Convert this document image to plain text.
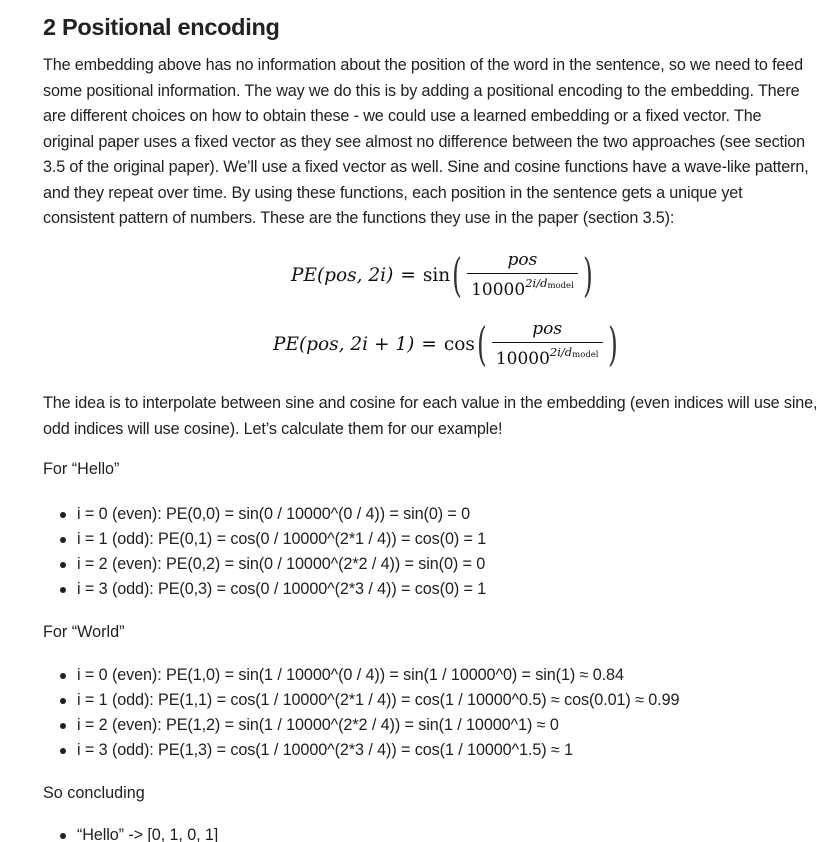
2 Positional encoding

The embedding above has no information about the position of the word in the sentence, so we need to feed
some positional information. The way we do this is by adding a positional encoding to the embedding. There
are different choices on how to obtain these - we could use a learned embedding or a fixed vector. The
original paper uses a fixed vector as they see almost no difference between the two approaches (see section
3.5 of the original paper). We’ll use a fixed vector as well. Sine and cosine functions have a wave-like pattern,
and they repeat over time. By using these functions, each position in the sentence gets a unique yet
consistent pattern of numbers. These are the functions they use in the paper (section 3.5):

PE (pos, 2i) = sin ( $\frac{\text{pos}}{10000^{2i/d_{model}}}$ )
PE (pos, 2i + 1) = cos ( $\frac{\text{pos}}{10000^{2i/d_{model}}}$ )

The idea is to interpolate between sine and cosine for each value in the embedding (even indices will use sine,
odd indices will use cosine). Let’s calculate them for our example!

For “Hello”

i = 0 (even): PE(0,0) = sin(0 / 10000^(0 / 4)) = sin(0) = 0
i = 1 (odd): PE(0,1) = cos(0 / 10000^(2*1 / 4)) = cos(0) = 1
i = 2 (even): PE(0,2) = sin(0 / 10000^(2*2 / 4)) = sin(0) = 0
i = 3 (odd): PE(0,3) = cos(0 / 10000^(2*3 / 4)) = cos(0) = 1

For “World”

i = 0 (even): PE(1,0) = sin(1 / 10000^(0 / 4)) = sin(1 / 10000^0) = sin(1) ≈ 0.84
i = 1 (odd): PE(1,1) = cos(1 / 10000^(2*1 / 4)) = cos(1 / 10000^0.5) ≈ cos(0.01) ≈ 0.99
i = 2 (even): PE(1,2) = sin(1 / 10000^(2*2 / 4)) = sin(1 / 10000^1) ≈ 0
i = 3 (odd): PE(1,3) = cos(1 / 10000^(2*3 / 4)) = cos(1 / 10000^1.5) ≈ 1

So concluding

“Hello” -> [0, 1, 0, 1]
